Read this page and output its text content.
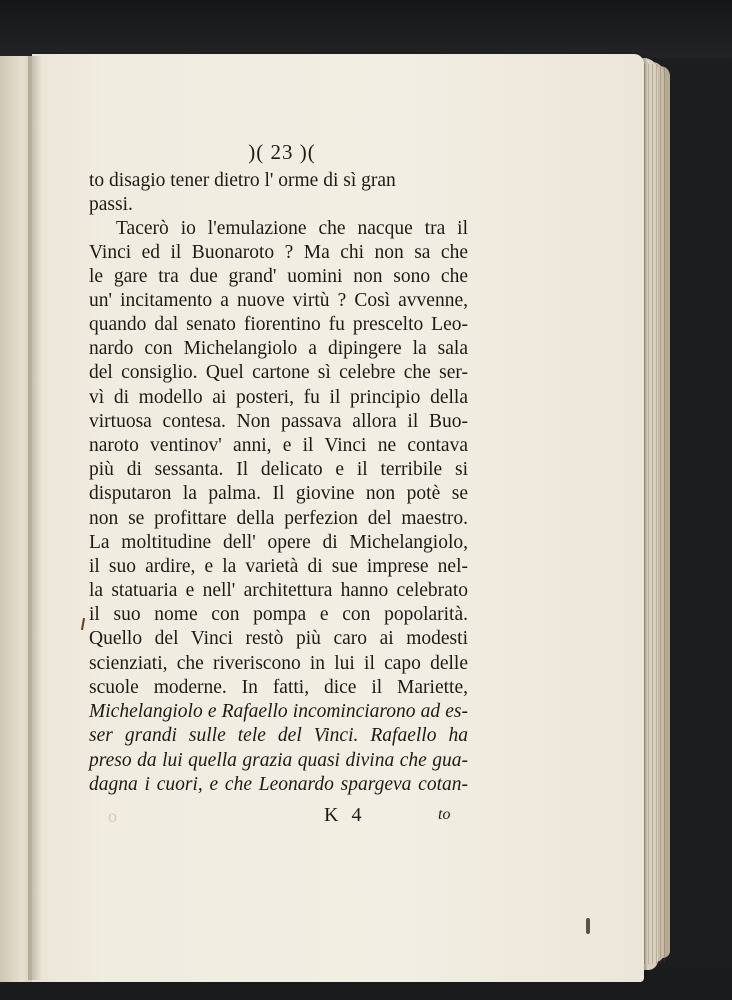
)( 23 )(
to disagio tener dietro l' orme di sì gran
passi.
Tacerò io l'emulazione che nacque tra il
Vinci ed il Buonaroto ? Ma chi non sa che
le gare tra due grand' uomini non sono che
un' incitamento a nuove virtù ? Così avvenne,
quando dal senato fiorentino fu prescelto Leo-
nardo con Michelangiolo a dipingere la sala
del consiglio. Quel cartone sì celebre che ser-
vì di modello ai posteri, fu il principio della
virtuosa contesa. Non passava allora il Buo-
naroto ventinov' anni, e il Vinci ne contava
più di sessanta. Il delicato e il terribile si
disputaron la palma. Il giovine non potè se
non se profittare della perfezion del maestro.
La moltitudine dell' opere di Michelangiolo,
il suo ardire, e la varietà di sue imprese nel-
la statuaria e nell' architettura hanno celebrato
il suo nome con pompa e con popolarità.
Quello del Vinci restò più caro ai modesti
scienziati, che riveriscono in lui il capo delle
scuole moderne. In fatti, dice il Mariette,
Michelangiolo e Rafaello incominciarono ad es-
ser grandi sulle tele del Vinci. Rafaello ha
preso da lui quella grazia quasi divina che gua-
dagna i cuori, e che Leonardo spargeva cotan-
o	K 4	to
